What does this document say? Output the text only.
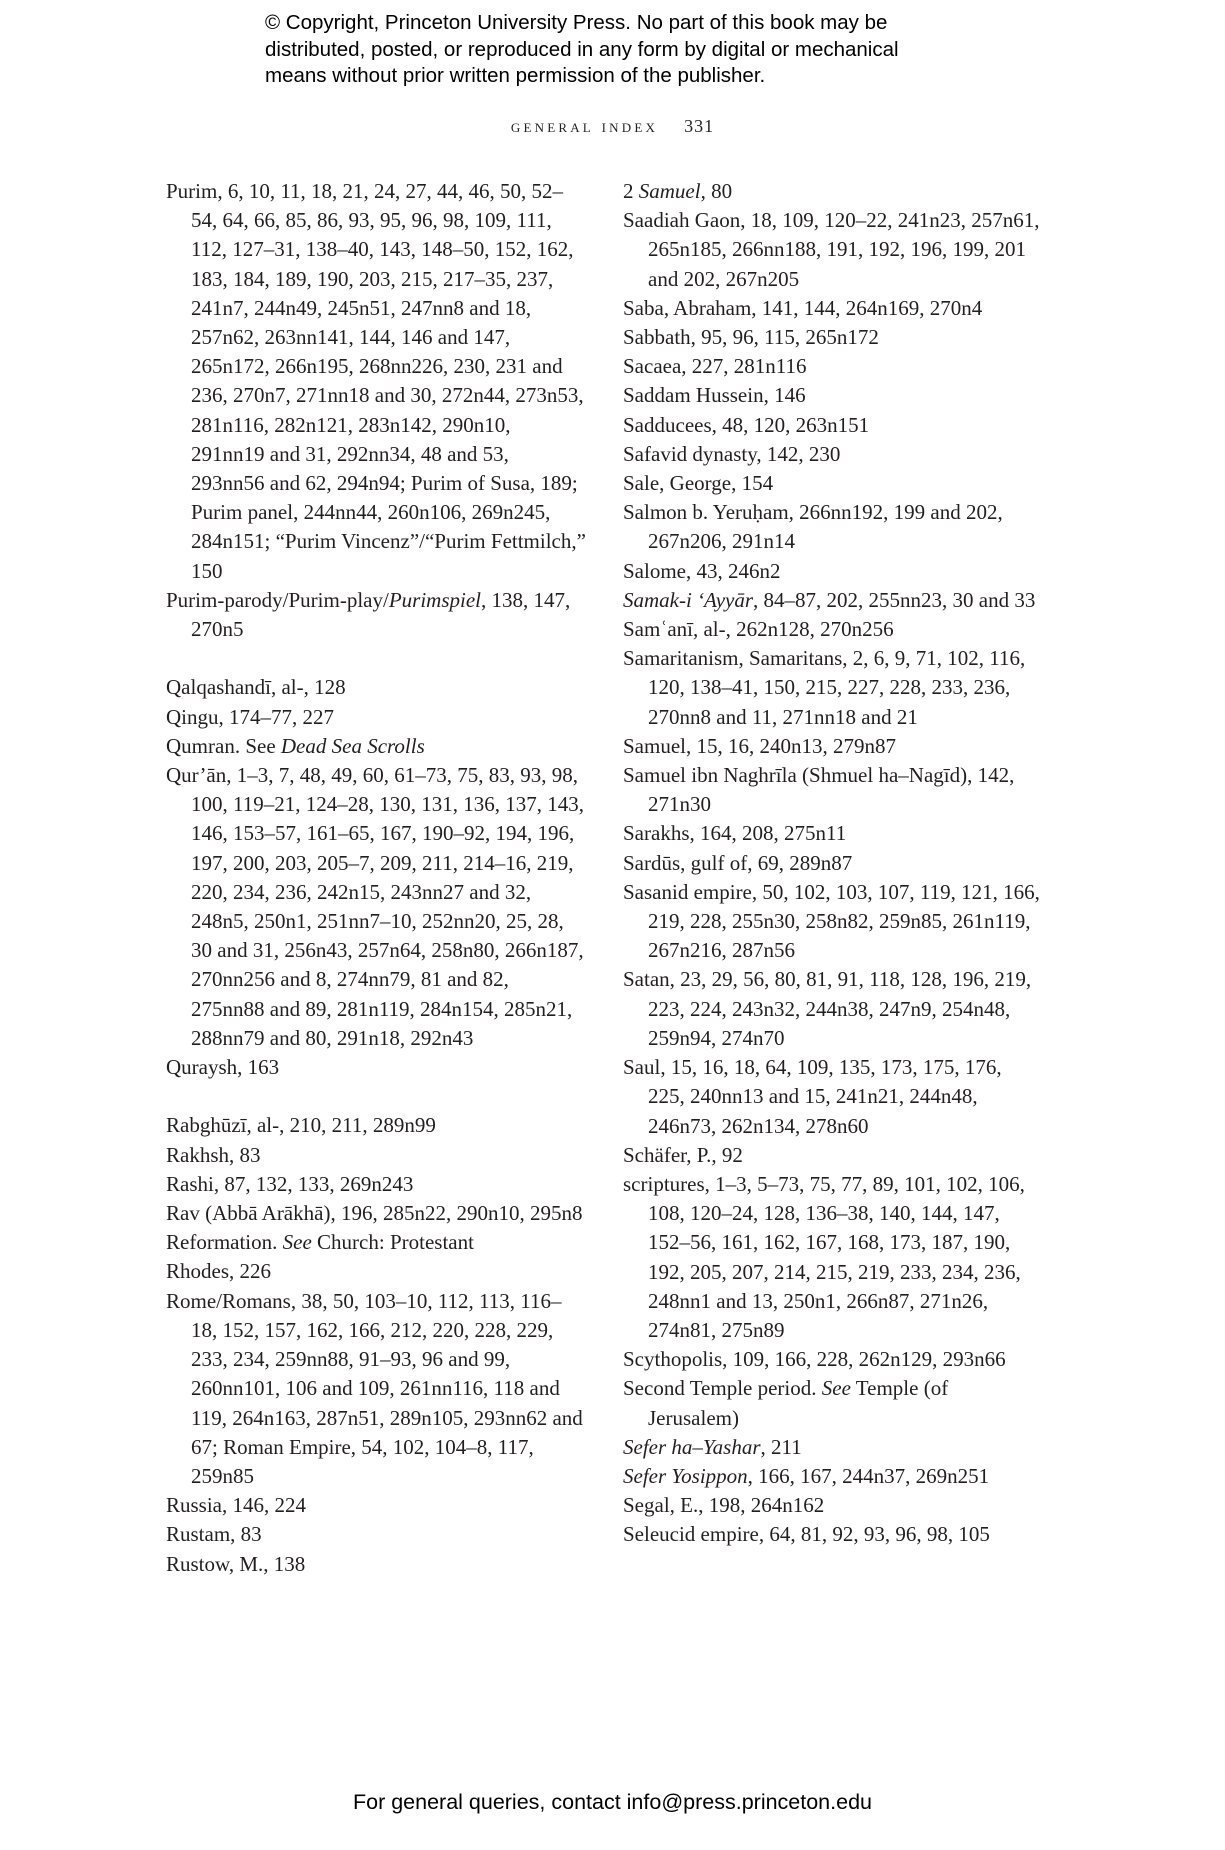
© Copyright, Princeton University Press. No part of this book may be
distributed, posted, or reproduced in any form by digital or mechanical
means without prior written permission of the publisher.
general index 331
Purim, 6, 10, 11, 18, 21, 24, 27, 44, 46, 50, 52–54, 64, 66, 85, 86, 93, 95, 96, 98, 109, 111, 112, 127–31, 138–40, 143, 148–50, 152, 162, 183, 184, 189, 190, 203, 215, 217–35, 237, 241n7, 244n49, 245n51, 247nn8 and 18, 257n62, 263nn141, 144, 146 and 147, 265n172, 266n195, 268nn226, 230, 231 and 236, 270n7, 271nn18 and 30, 272n44, 273n53, 281n116, 282n121, 283n142, 290n10, 291nn19 and 31, 292nn34, 48 and 53, 293nn56 and 62, 294n94; Purim of Susa, 189; Purim panel, 244nn44, 260n106, 269n245, 284n151; “Purim Vincenz”/“Purim Fettmilch,” 150
Purim-parody/Purim-play/Purimspiel, 138, 147, 270n5
Qalqashandī, al-, 128
Qingu, 174–77, 227
Qumran. See Dead Sea Scrolls
Qur’ān, 1–3, 7, 48, 49, 60, 61–73, 75, 83, 93, 98, 100, 119–21, 124–28, 130, 131, 136, 137, 143, 146, 153–57, 161–65, 167, 190–92, 194, 196, 197, 200, 203, 205–7, 209, 211, 214–16, 219, 220, 234, 236, 242n15, 243nn27 and 32, 248n5, 250n1, 251nn7–10, 252nn20, 25, 28, 30 and 31, 256n43, 257n64, 258n80, 266n187, 270nn256 and 8, 274nn79, 81 and 82, 275nn88 and 89, 281n119, 284n154, 285n21, 288nn79 and 80, 291n18, 292n43
Quraysh, 163
Rabghūzī, al-, 210, 211, 289n99
Rakhsh, 83
Rashi, 87, 132, 133, 269n243
Rav (Abbā Arākhā), 196, 285n22, 290n10, 295n8
Reformation. See Church: Protestant
Rhodes, 226
Rome/Romans, 38, 50, 103–10, 112, 113, 116–18, 152, 157, 162, 166, 212, 220, 228, 229, 233, 234, 259nn88, 91–93, 96 and 99, 260nn101, 106 and 109, 261nn116, 118 and 119, 264n163, 287n51, 289n105, 293nn62 and 67; Roman Empire, 54, 102, 104–8, 117, 259n85
Russia, 146, 224
Rustam, 83
Rustow, M., 138
2 Samuel, 80
Saadiah Gaon, 18, 109, 120–22, 241n23, 257n61, 265n185, 266nn188, 191, 192, 196, 199, 201 and 202, 267n205
Saba, Abraham, 141, 144, 264n169, 270n4
Sabbath, 95, 96, 115, 265n172
Sacaea, 227, 281n116
Saddam Hussein, 146
Sadducees, 48, 120, 263n151
Safavid dynasty, 142, 230
Sale, George, 154
Salmon b. Yeruḥam, 266nn192, 199 and 202, 267n206, 291n14
Salome, 43, 246n2
Samak-i ‘Ayyār, 84–87, 202, 255nn23, 30 and 33
Samʿanī, al-, 262n128, 270n256
Samaritanism, Samaritans, 2, 6, 9, 71, 102, 116, 120, 138–41, 150, 215, 227, 228, 233, 236, 270nn8 and 11, 271nn18 and 21
Samuel, 15, 16, 240n13, 279n87
Samuel ibn Naghrīla (Shmuel ha–Nagīd), 142, 271n30
Sarakhs, 164, 208, 275n11
Sardūs, gulf of, 69, 289n87
Sasanid empire, 50, 102, 103, 107, 119, 121, 166, 219, 228, 255n30, 258n82, 259n85, 261n119, 267n216, 287n56
Satan, 23, 29, 56, 80, 81, 91, 118, 128, 196, 219, 223, 224, 243n32, 244n38, 247n9, 254n48, 259n94, 274n70
Saul, 15, 16, 18, 64, 109, 135, 173, 175, 176, 225, 240nn13 and 15, 241n21, 244n48, 246n73, 262n134, 278n60
Schäfer, P., 92
scriptures, 1–3, 5–73, 75, 77, 89, 101, 102, 106, 108, 120–24, 128, 136–38, 140, 144, 147, 152–56, 161, 162, 167, 168, 173, 187, 190, 192, 205, 207, 214, 215, 219, 233, 234, 236, 248nn1 and 13, 250n1, 266n87, 271n26, 274n81, 275n89
Scythopolis, 109, 166, 228, 262n129, 293n66
Second Temple period. See Temple (of Jerusalem)
Sefer ha–Yashar, 211
Sefer Yosippon, 166, 167, 244n37, 269n251
Segal, E., 198, 264n162
Seleucid empire, 64, 81, 92, 93, 96, 98, 105
For general queries, contact info@press.princeton.edu
